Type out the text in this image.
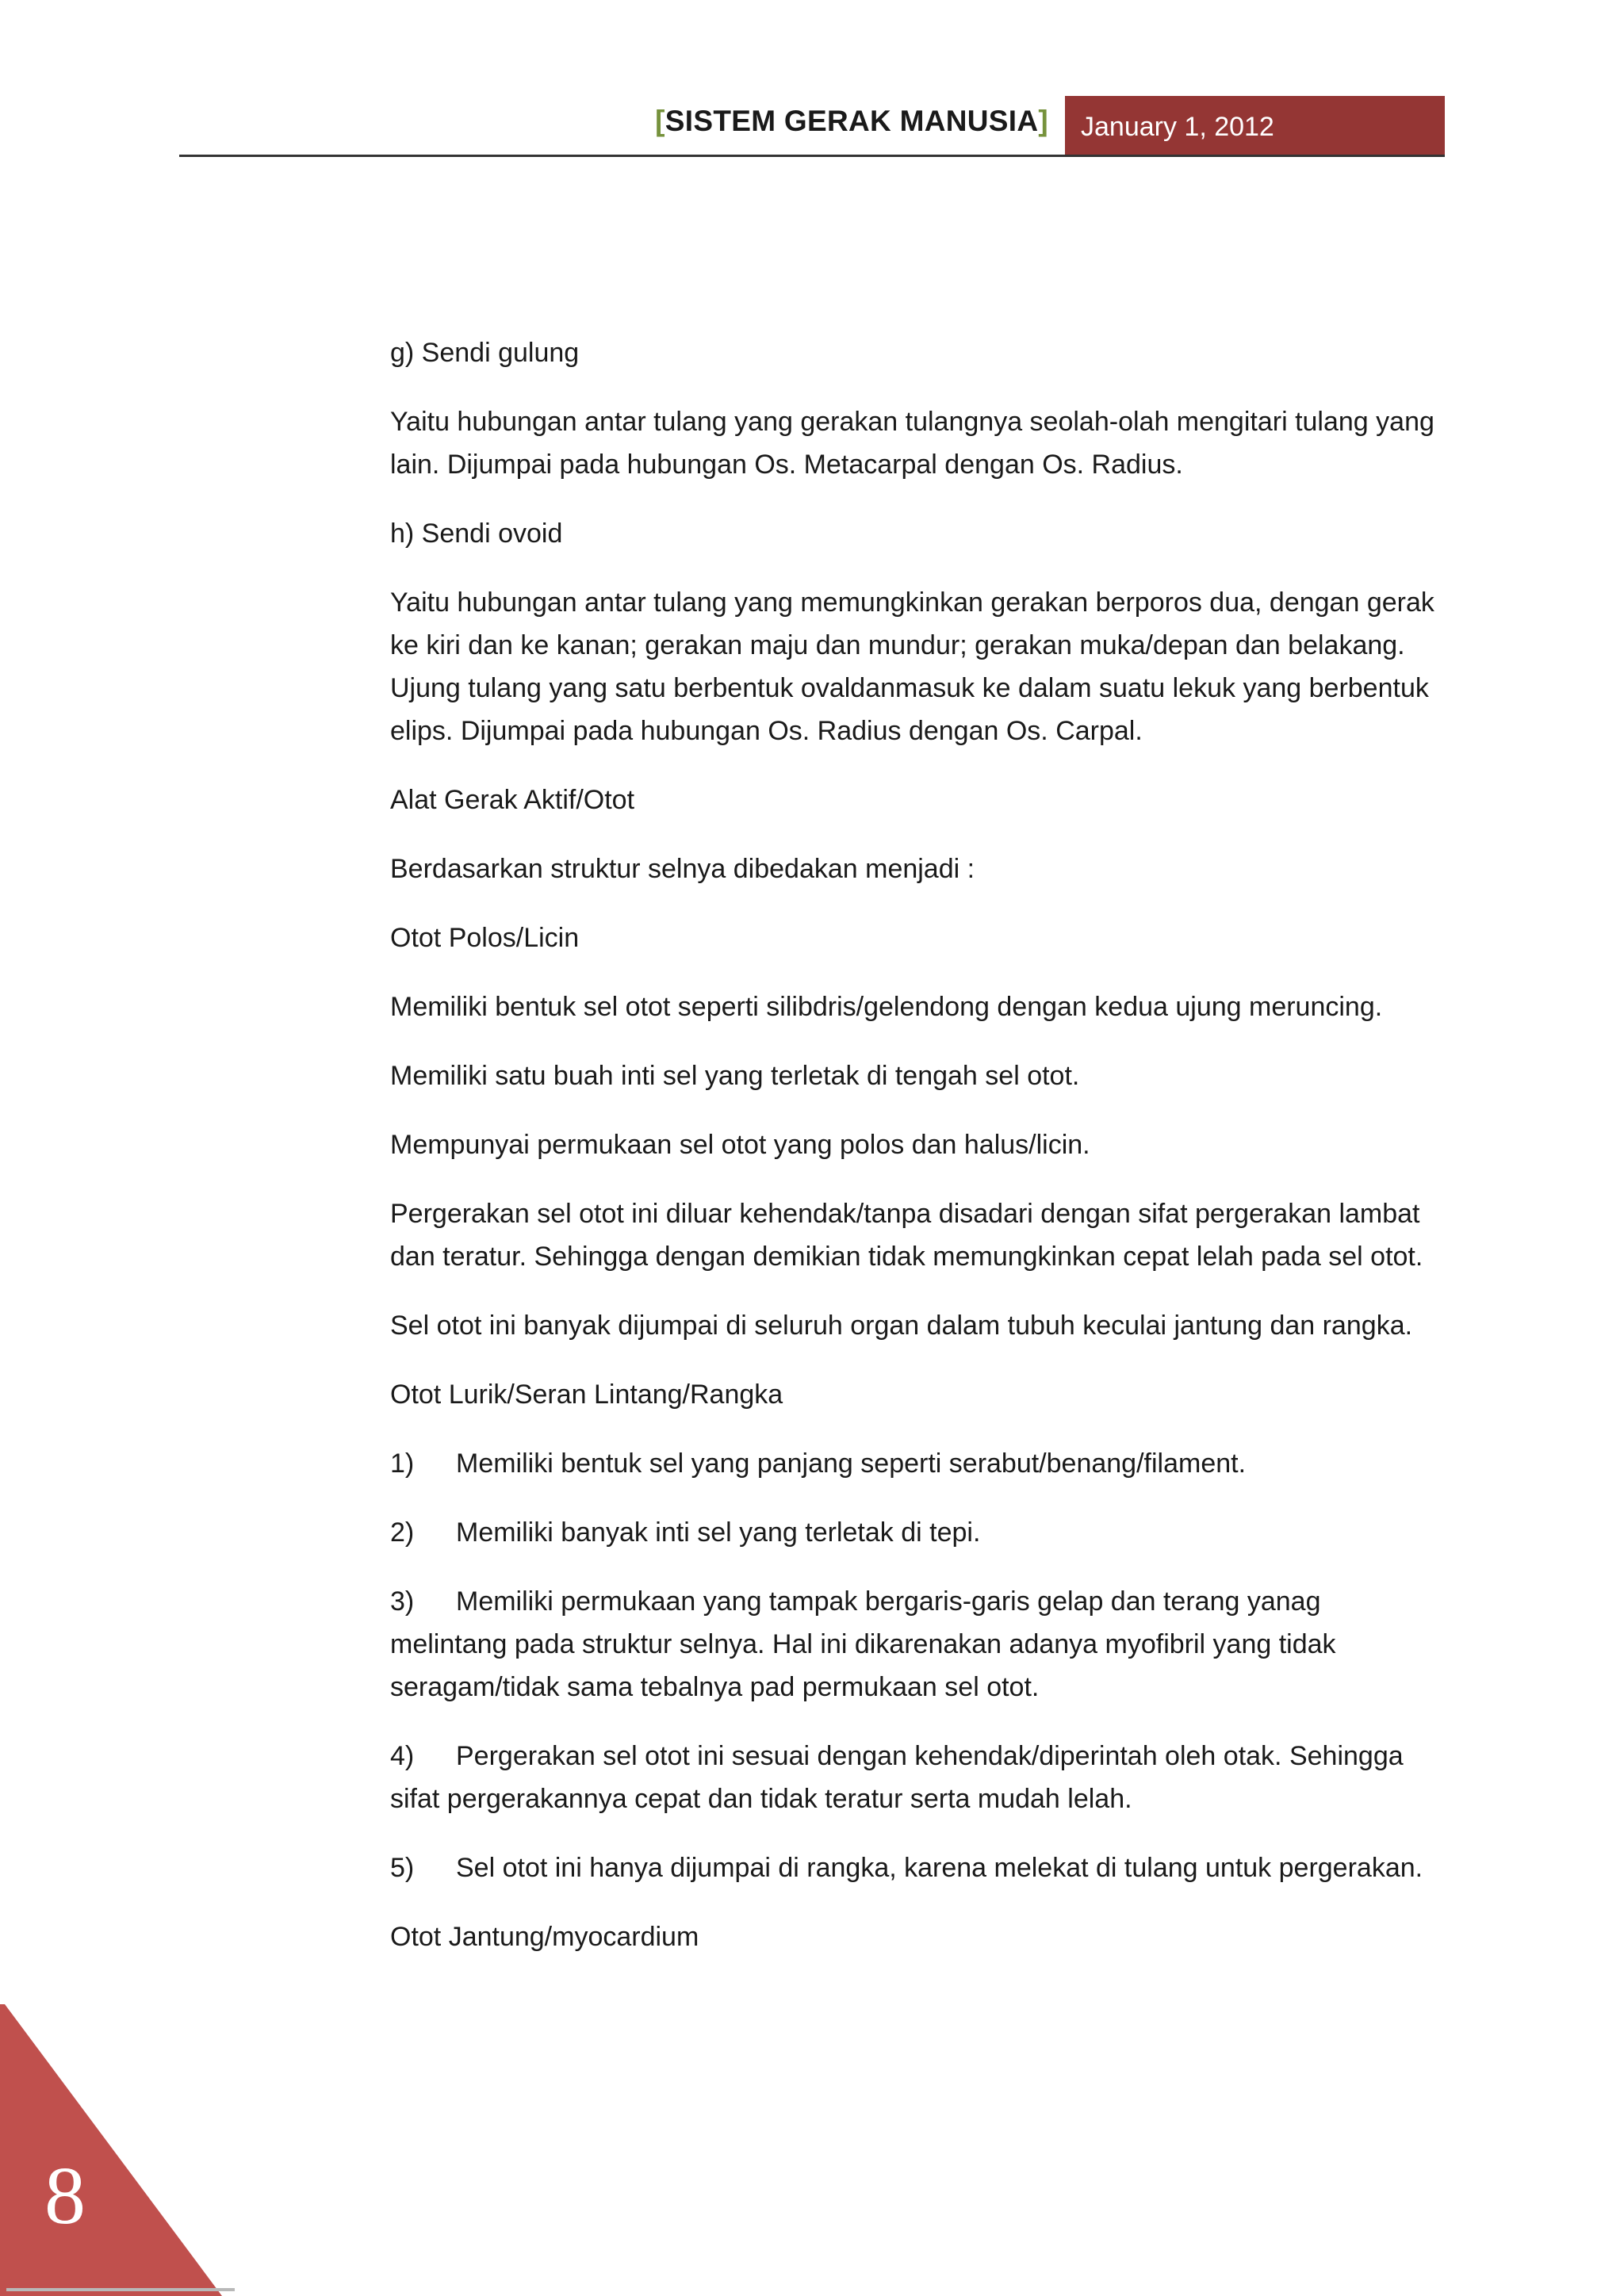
[SISTEM GERAK MANUSIA] January 1, 2012

g) Sendi gulung

Yaitu hubungan antar tulang yang gerakan tulangnya seolah-olah mengitari tulang yang lain. Dijumpai pada hubungan Os. Metacarpal dengan Os. Radius.

h) Sendi ovoid

Yaitu hubungan antar tulang yang memungkinkan gerakan berporos dua, dengan gerak ke kiri dan ke kanan; gerakan maju dan mundur; gerakan muka/depan dan belakang. Ujung tulang yang satu berbentuk ovaldanmasuk ke dalam suatu lekuk yang berbentuk elips. Dijumpai pada hubungan Os. Radius dengan Os. Carpal.

Alat Gerak Aktif/Otot

Berdasarkan struktur selnya dibedakan menjadi :

Otot Polos/Licin

Memiliki bentuk sel otot seperti silibdris/gelendong dengan kedua ujung meruncing.

Memiliki satu buah inti sel yang terletak di tengah sel otot.

Mempunyai permukaan sel otot yang polos dan halus/licin.

Pergerakan sel otot ini diluar kehendak/tanpa disadari dengan sifat pergerakan lambat dan teratur. Sehingga dengan demikian tidak memungkinkan cepat lelah pada sel otot.

Sel otot ini banyak dijumpai di seluruh organ dalam tubuh keculai jantung dan rangka.

Otot Lurik/Seran Lintang/Rangka

1) Memiliki bentuk sel yang panjang seperti serabut/benang/filament.

2) Memiliki banyak inti sel yang terletak di tepi.

3) Memiliki permukaan yang tampak bergaris-garis gelap dan terang yanag melintang pada struktur selnya. Hal ini dikarenakan adanya myofibril yang tidak seragam/tidak sama tebalnya pad permukaan sel otot.

4) Pergerakan sel otot ini sesuai dengan kehendak/diperintah oleh otak. Sehingga sifat pergerakannya cepat dan tidak teratur serta mudah lelah.

5) Sel otot ini hanya dijumpai di rangka, karena melekat di tulang untuk pergerakan.

Otot Jantung/myocardium

8
